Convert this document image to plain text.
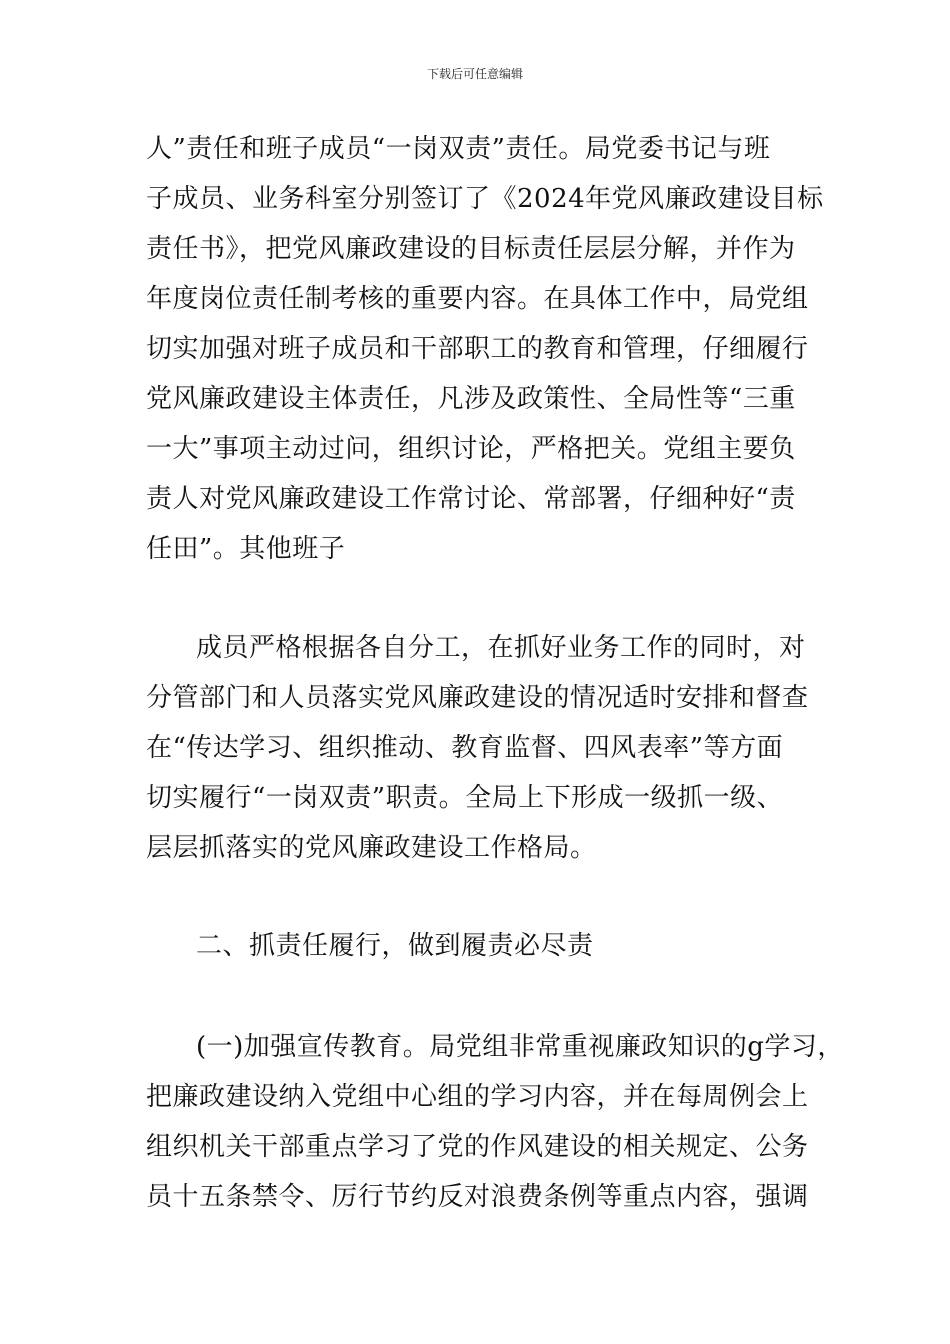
下载后可任意编辑
人”责任和班子成员“一岗双责”责任。局党委书记与班
子成员、业务科室分别签订了《2024年党风廉政建设目标
责任书》，把党风廉政建设的目标责任层层分解，并作为
年度岗位责任制考核的重要内容。在具体工作中，局党组
切实加强对班子成员和干部职工的教育和管理，仔细履行
党风廉政建设主体责任，凡涉及政策性、全局性等“三重
一大”事项主动过问，组织讨论，严格把关。党组主要负
责人对党风廉政建设工作常讨论、常部署，仔细种好“责
任田”。其他班子
成员严格根据各自分工，在抓好业务工作的同时，对
分管部门和人员落实党风廉政建设的情况适时安排和督查
在“传达学习、组织推动、教育监督、四风表率”等方面
切实履行“一岗双责”职责。全局上下形成一级抓一级、
层层抓落实的党风廉政建设工作格局。
二、抓责任履行，做到履责必尽责
(一)加强宣传教育。局党组非常重视廉政知识的g学习，
把廉政建设纳入党组中心组的学习内容，并在每周例会上
组织机关干部重点学习了党的作风建设的相关规定、公务
员十五条禁令、厉行节约反对浪费条例等重点内容，强调
